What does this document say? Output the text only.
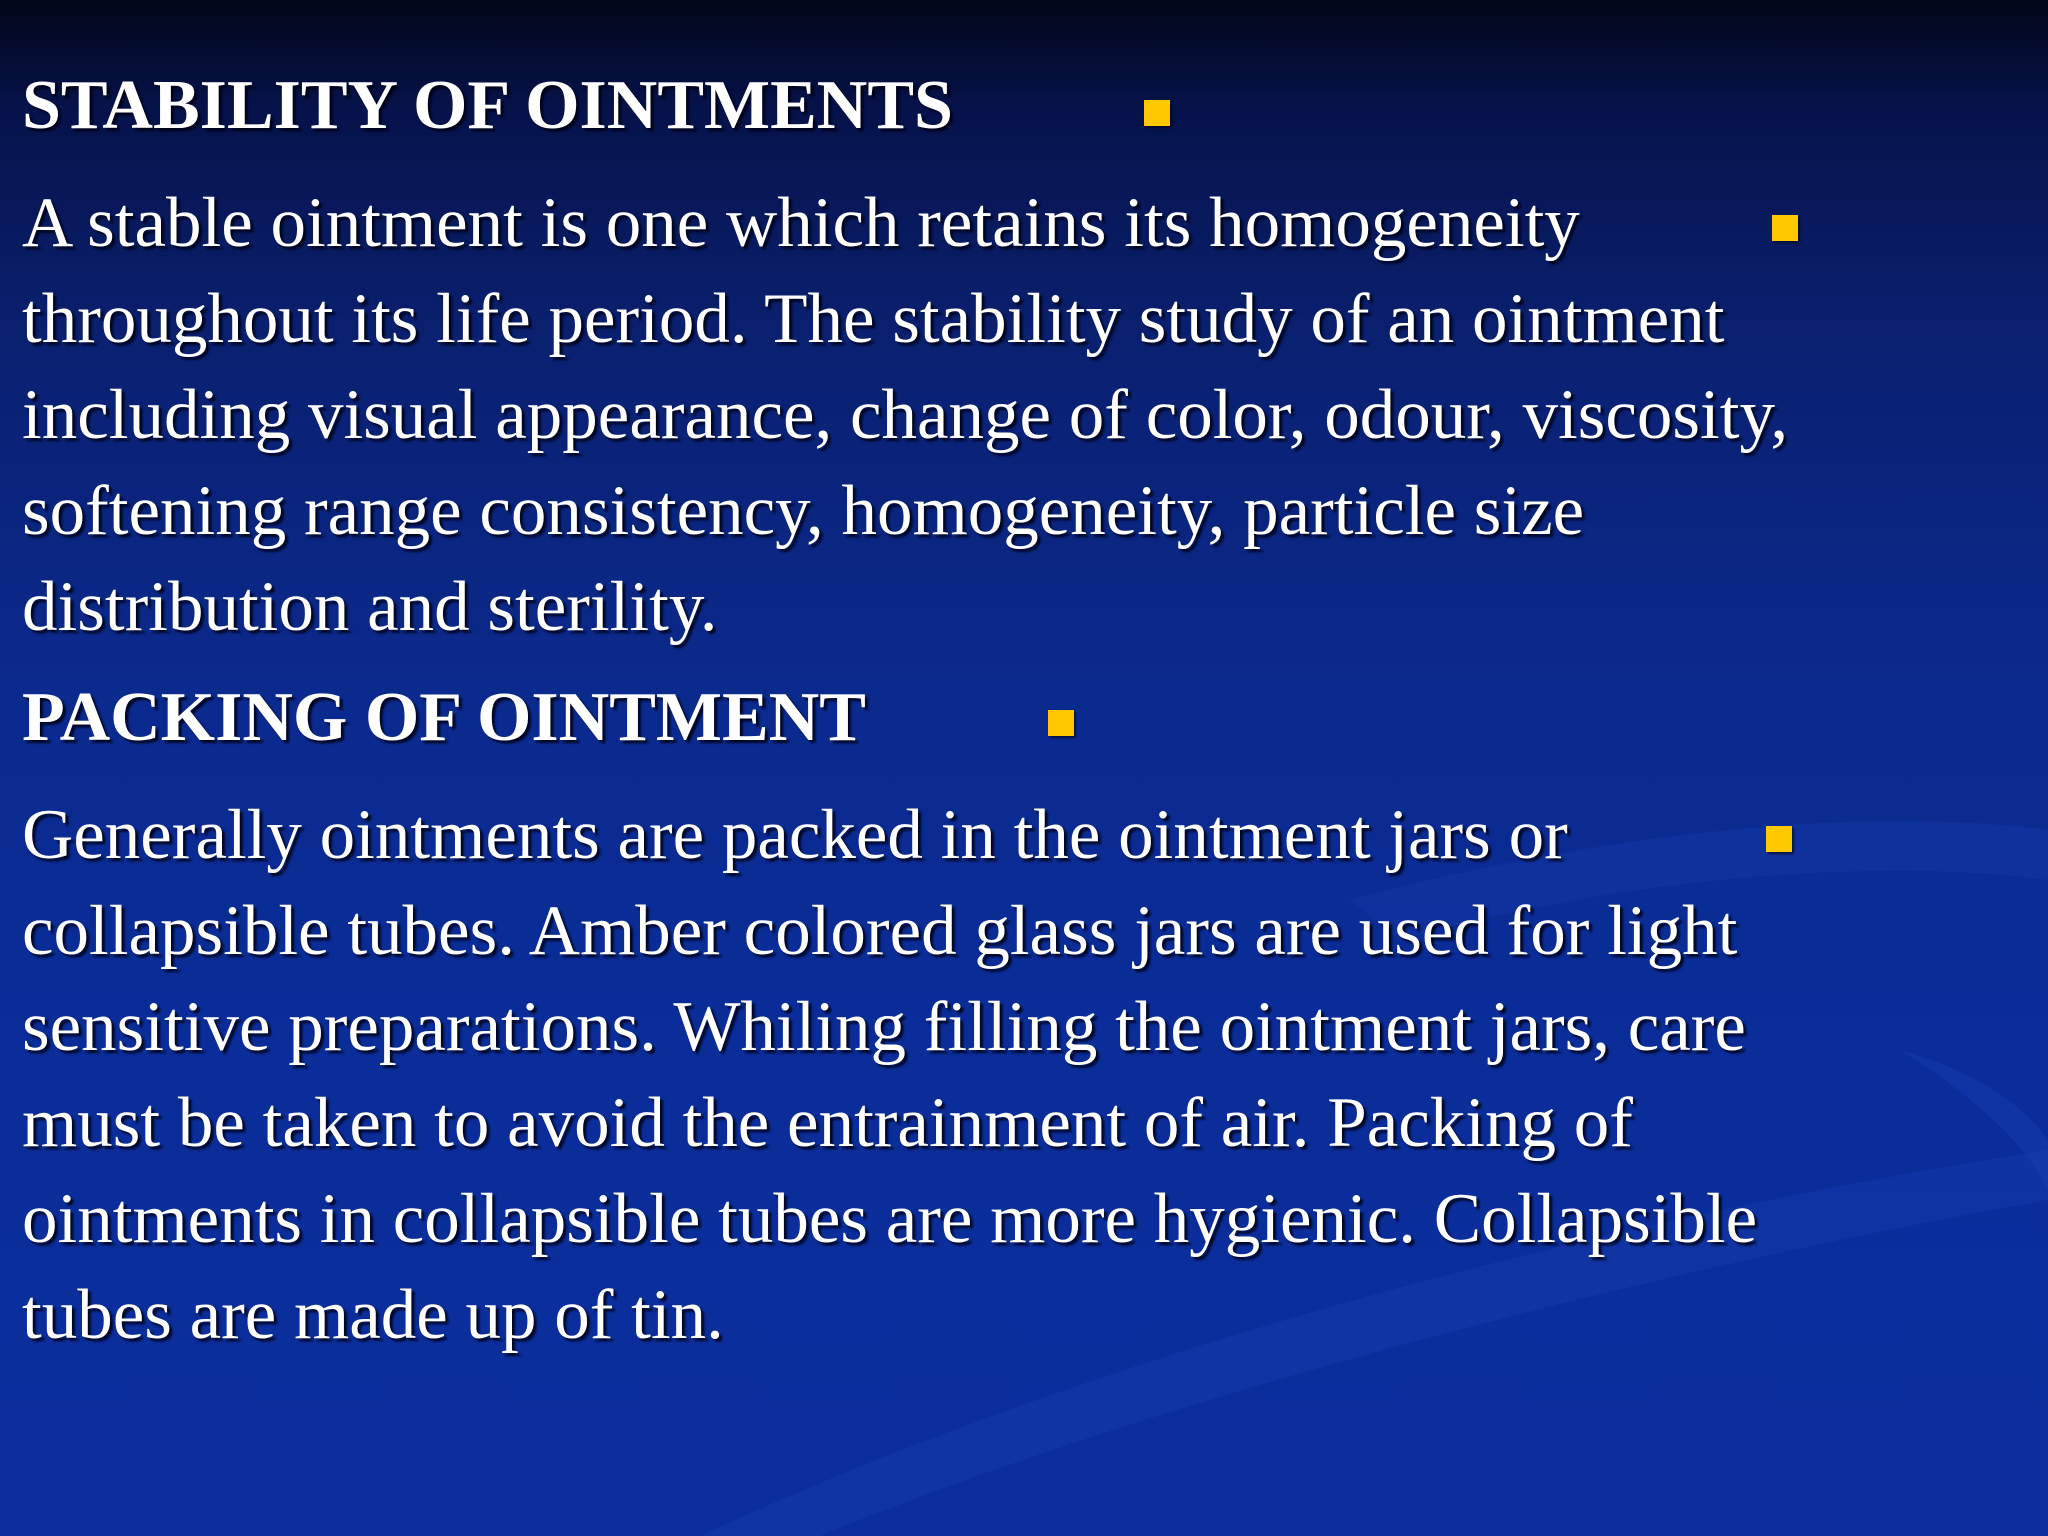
STABILITY OF OINTMENTS

A stable ointment is one which retains its homogeneity

throughout its life period. The stability study of an ointment

including visual appearance, change of color, odour, viscosity,

softening range consistency, homogeneity, particle size

distribution and sterility.

PACKING OF OINTMENT

Generally ointments are packed in the ointment jars or

collapsible tubes. Amber colored glass jars are used for light

sensitive preparations. Whiling filling the ointment jars, care

must be taken to avoid the entrainment of air. Packing of

ointments in collapsible tubes are more hygienic. Collapsible

tubes are made up of tin.
